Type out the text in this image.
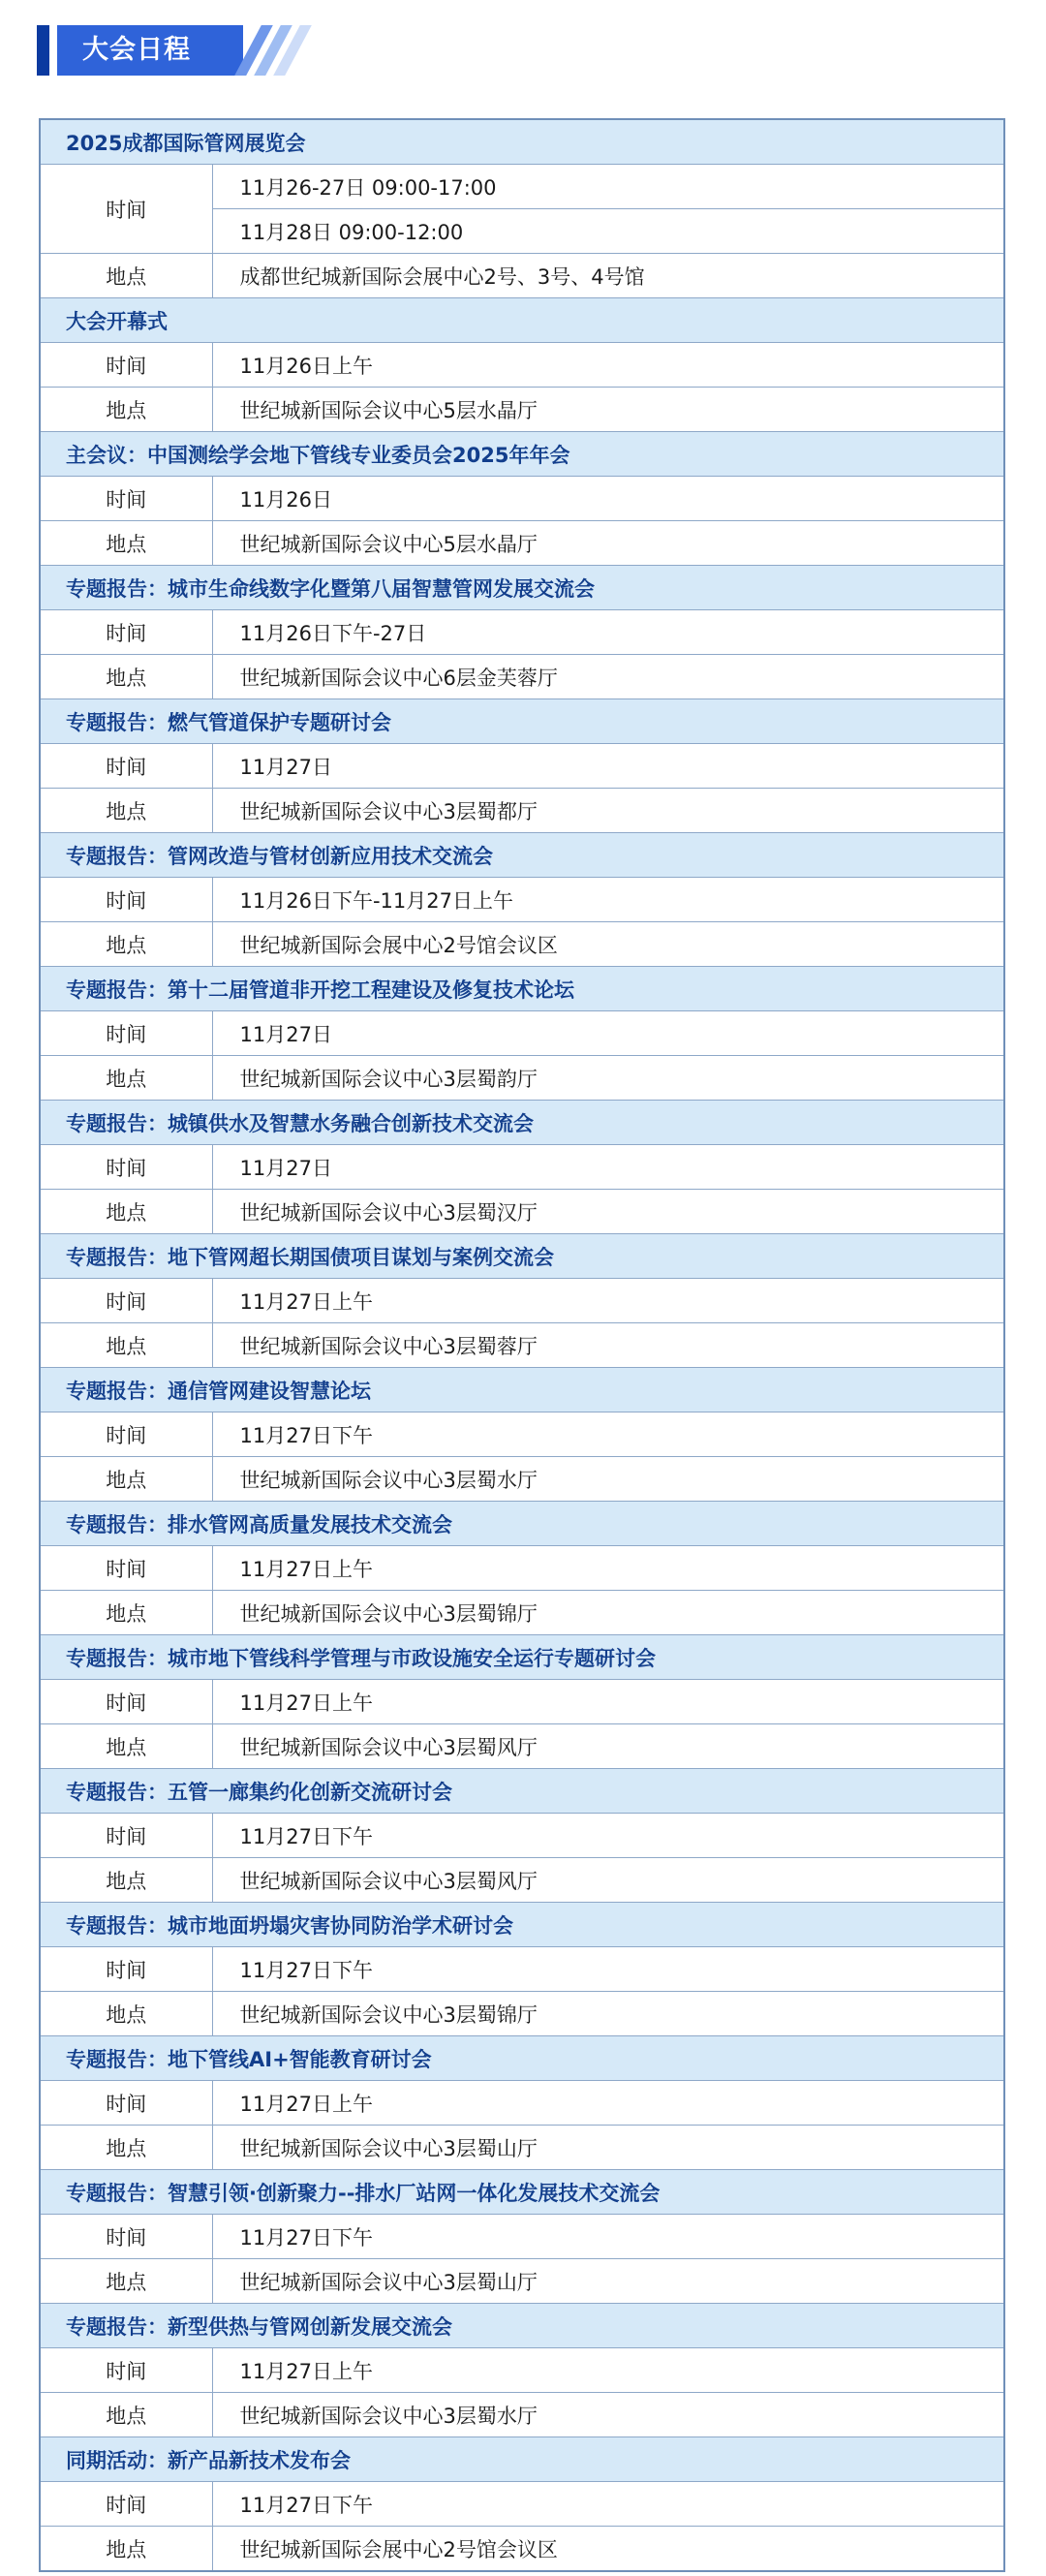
大会日程
2025成都国际管网展览会	
时间	11月26-27日 09:00-17:00
	11月28日 09:00-12:00
地点	成都世纪城新国际会展中心2号、3号、4号馆
大会开幕式	
时间	11月26日上午
地点	世纪城新国际会议中心5层水晶厅
主会议：中国测绘学会地下管线专业委员会2025年年会	
时间	11月26日
地点	世纪城新国际会议中心5层水晶厅
专题报告：城市生命线数字化暨第八届智慧管网发展交流会	
时间	11月26日下午-27日
地点	世纪城新国际会议中心6层金芙蓉厅
专题报告：燃气管道保护专题研讨会	
时间	11月27日
地点	世纪城新国际会议中心3层蜀都厅
专题报告：管网改造与管材创新应用技术交流会	
时间	11月26日下午-11月27日上午
地点	世纪城新国际会展中心2号馆会议区
专题报告：第十二届管道非开挖工程建设及修复技术论坛	
时间	11月27日
地点	世纪城新国际会议中心3层蜀韵厅
专题报告：城镇供水及智慧水务融合创新技术交流会	
时间	11月27日
地点	世纪城新国际会议中心3层蜀汉厅
专题报告：地下管网超长期国债项目谋划与案例交流会	
时间	11月27日上午
地点	世纪城新国际会议中心3层蜀蓉厅
专题报告：通信管网建设智慧论坛	
时间	11月27日下午
地点	世纪城新国际会议中心3层蜀水厅
专题报告：排水管网高质量发展技术交流会	
时间	11月27日上午
地点	世纪城新国际会议中心3层蜀锦厅
专题报告：城市地下管线科学管理与市政设施安全运行专题研讨会	
时间	11月27日上午
地点	世纪城新国际会议中心3层蜀风厅
专题报告：五管一廊集约化创新交流研讨会	
时间	11月27日下午
地点	世纪城新国际会议中心3层蜀风厅
专题报告：城市地面坍塌灾害协同防治学术研讨会	
时间	11月27日下午
地点	世纪城新国际会议中心3层蜀锦厅
专题报告：地下管线AI+智能教育研讨会	
时间	11月27日上午
地点	世纪城新国际会议中心3层蜀山厅
专题报告：智慧引领·创新聚力--排水厂站网一体化发展技术交流会	
时间	11月27日下午
地点	世纪城新国际会议中心3层蜀山厅
专题报告：新型供热与管网创新发展交流会	
时间	11月27日上午
地点	世纪城新国际会议中心3层蜀水厅
同期活动：新产品新技术发布会	
时间	11月27日下午
地点	世纪城新国际会展中心2号馆会议区
